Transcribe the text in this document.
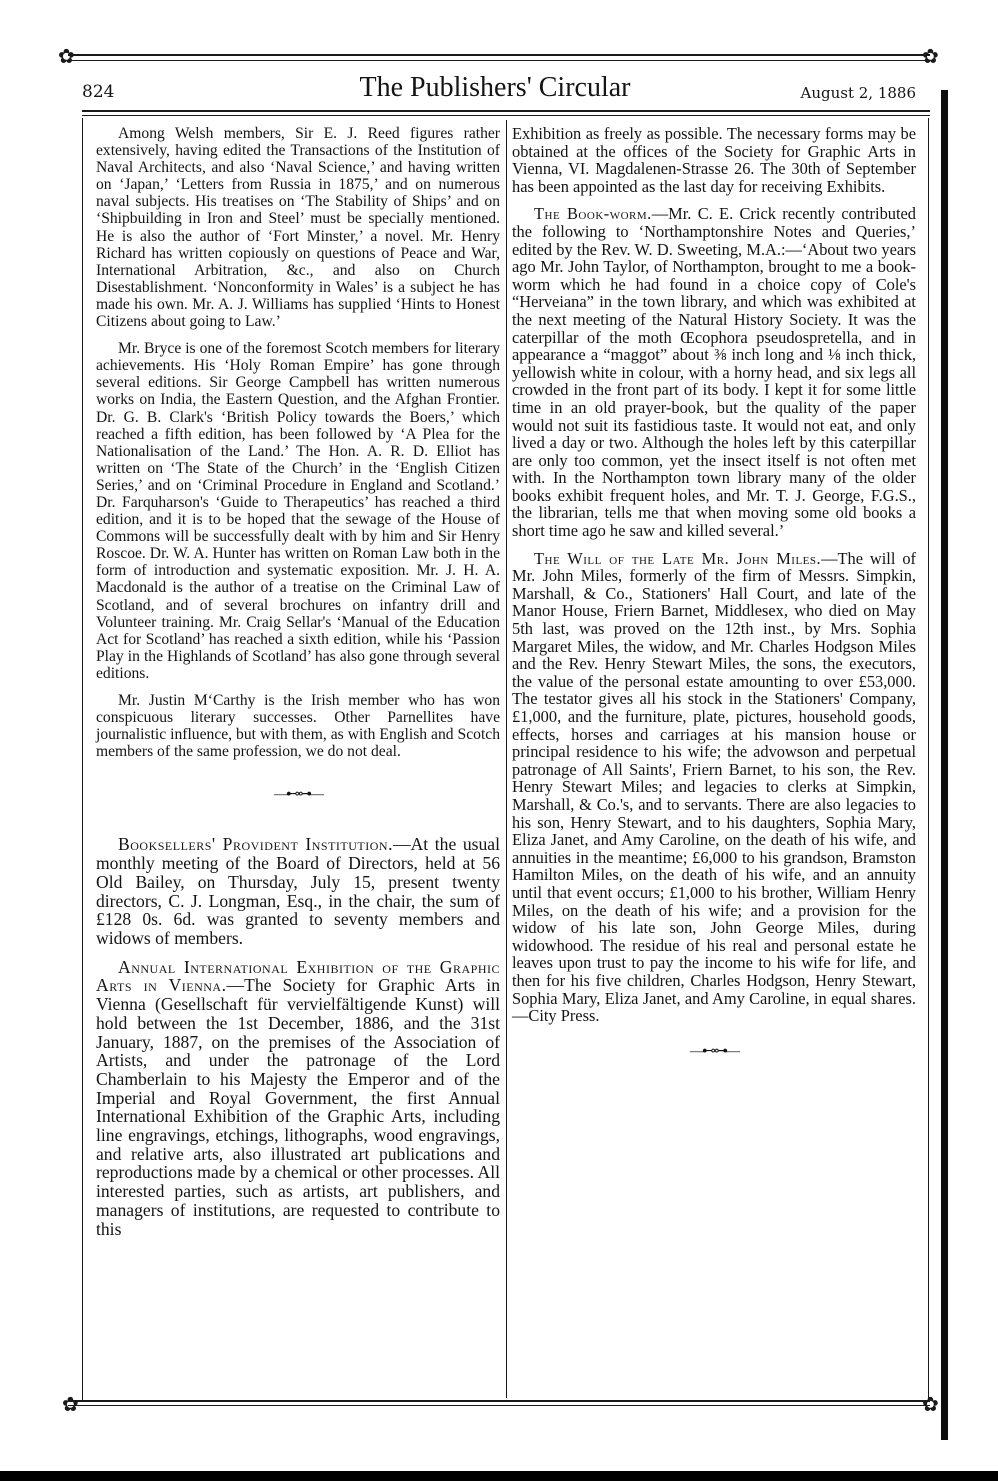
✿	✿
824	The Publishers' Circular	August 2, 1886

Among Welsh members, Sir E. J. Reed figures rather extensively, having edited the Transactions of the Institution of Naval Architects, and also ‘Naval Science,’ and having written on ‘Japan,’ ‘Letters from Russia in 1875,’ and on numerous naval subjects. His treatises on ‘The Stability of Ships’ and on ‘Shipbuilding in Iron and Steel’ must be specially mentioned. He is also the author of ‘Fort Minster,’ a novel. Mr. Henry Richard has written copiously on questions of Peace and War, International Arbitration, &c., and also on Church Disestablishment. ‘Nonconformity in Wales’ is a subject he has made his own. Mr. A. J. Williams has supplied ‘Hints to Honest Citizens about going to Law.’

Mr. Bryce is one of the foremost Scotch members for literary achievements. His ‘Holy Roman Empire’ has gone through several editions. Sir George Campbell has written numerous works on India, the Eastern Question, and the Afghan Frontier. Dr. G. B. Clark's ‘British Policy towards the Boers,’ which reached a fifth edition, has been followed by ‘A Plea for the Nationalisation of the Land.’ The Hon. A. R. D. Elliot has written on ‘The State of the Church’ in the ‘English Citizen Series,’ and on ‘Criminal Procedure in England and Scotland.’ Dr. Farquharson's ‘Guide to Therapeutics’ has reached a third edition, and it is to be hoped that the sewage of the House of Commons will be successfully dealt with by him and Sir Henry Roscoe. Dr. W. A. Hunter has written on Roman Law both in the form of introduction and systematic exposition. Mr. J. H. A. Macdonald is the author of a treatise on the Criminal Law of Scotland, and of several brochures on infantry drill and Volunteer training. Mr. Craig Sellar's ‘Manual of the Education Act for Scotland’ has reached a sixth edition, while his ‘Passion Play in the Highlands of Scotland’ has also gone through several editions.

Mr. Justin M‘Carthy is the Irish member who has won conspicuous literary successes. Other Parnellites have journalistic influence, but with them, as with English and Scotch members of the same profession, we do not deal.

—⊷⊶—

Booksellers' Provident Institution.—At the usual monthly meeting of the Board of Directors, held at 56 Old Bailey, on Thursday, July 15, present twenty directors, C. J. Longman, Esq., in the chair, the sum of £128 0s. 6d. was granted to seventy members and widows of members.

Annual International Exhibition of the Graphic Arts in Vienna.—The Society for Graphic Arts in Vienna (Gesellschaft für vervielfältigende Kunst) will hold between the 1st December, 1886, and the 31st January, 1887, on the premises of the Association of Artists, and under the patronage of the Lord Chamberlain to his Majesty the Emperor and of the Imperial and Royal Government, the first Annual International Exhibition of the Graphic Arts, including line engravings, etchings, lithographs, wood engravings, and relative arts, also illustrated art publications and reproductions made by a chemical or other processes. All interested parties, such as artists, art publishers, and managers of institutions, are requested to contribute to this

Exhibition as freely as possible. The necessary forms may be obtained at the offices of the Society for Graphic Arts in Vienna, VI. Magdalenen-Strasse 26. The 30th of September has been appointed as the last day for receiving Exhibits.

The Book-worm.—Mr. C. E. Crick recently contributed the following to ‘Northamptonshire Notes and Queries,’ edited by the Rev. W. D. Sweeting, M.A.:—‘About two years ago Mr. John Taylor, of Northampton, brought to me a book-worm which he had found in a choice copy of Cole's “Herveiana” in the town library, and which was exhibited at the next meeting of the Natural History Society. It was the caterpillar of the moth Œcophora pseudospretella, and in appearance a “maggot” about ⅜ inch long and ⅛ inch thick, yellowish white in colour, with a horny head, and six legs all crowded in the front part of its body. I kept it for some little time in an old prayer-book, but the quality of the paper would not suit its fastidious taste. It would not eat, and only lived a day or two. Although the holes left by this caterpillar are only too common, yet the insect itself is not often met with. In the Northampton town library many of the older books exhibit frequent holes, and Mr. T. J. George, F.G.S., the librarian, tells me that when moving some old books a short time ago he saw and killed several.’

The Will of the Late Mr. John Miles.—The will of Mr. John Miles, formerly of the firm of Messrs. Simpkin, Marshall, & Co., Stationers' Hall Court, and late of the Manor House, Friern Barnet, Middlesex, who died on May 5th last, was proved on the 12th inst., by Mrs. Sophia Margaret Miles, the widow, and Mr. Charles Hodgson Miles and the Rev. Henry Stewart Miles, the sons, the executors, the value of the personal estate amounting to over £53,000. The testator gives all his stock in the Stationers' Company, £1,000, and the furniture, plate, pictures, household goods, effects, horses and carriages at his mansion house or principal residence to his wife; the advowson and perpetual patronage of All Saints', Friern Barnet, to his son, the Rev. Henry Stewart Miles; and legacies to clerks at Simpkin, Marshall, & Co.'s, and to servants. There are also legacies to his son, Henry Stewart, and to his daughters, Sophia Mary, Eliza Janet, and Amy Caroline, on the death of his wife, and annuities in the meantime; £6,000 to his grandson, Bramston Hamilton Miles, on the death of his wife, and an annuity until that event occurs; £1,000 to his brother, William Henry Miles, on the death of his wife; and a provision for the widow of his late son, John George Miles, during widowhood. The residue of his real and personal estate he leaves upon trust to pay the income to his wife for life, and then for his five children, Charles Hodgson, Henry Stewart, Sophia Mary, Eliza Janet, and Amy Caroline, in equal shares.—City Press.

—⊷⊶—
✿	✿
